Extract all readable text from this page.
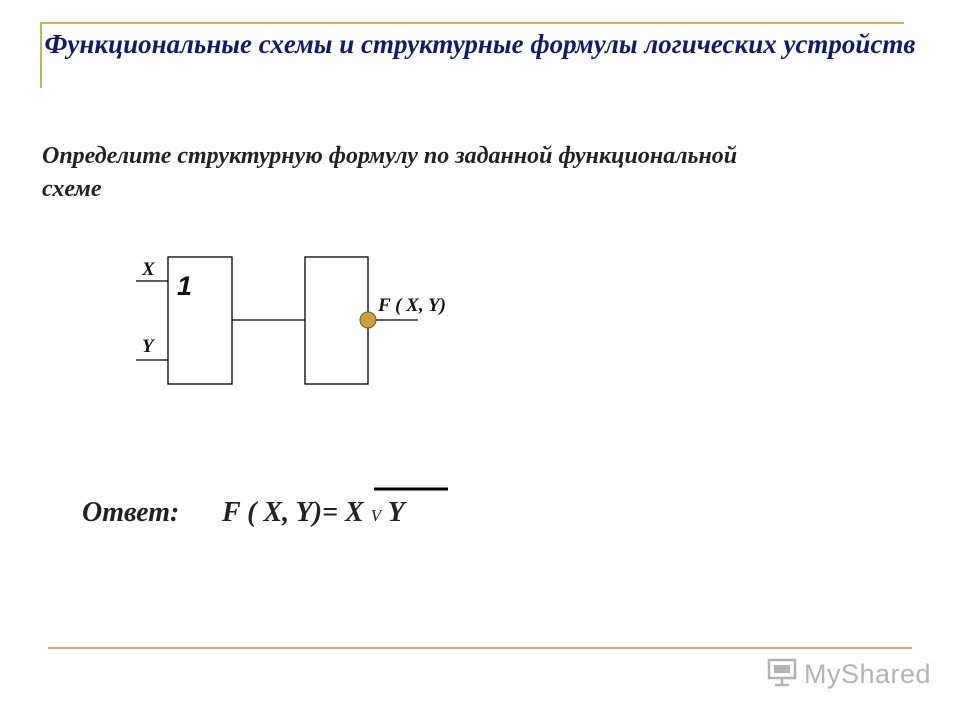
Функциональные схемы и структурные формулы логических устройств
Определите структурную формулу по заданной функциональной схеме
X
Y
1
F ( X, Y)
Ответ: F ( X, Y)= X V Y
MyShared
